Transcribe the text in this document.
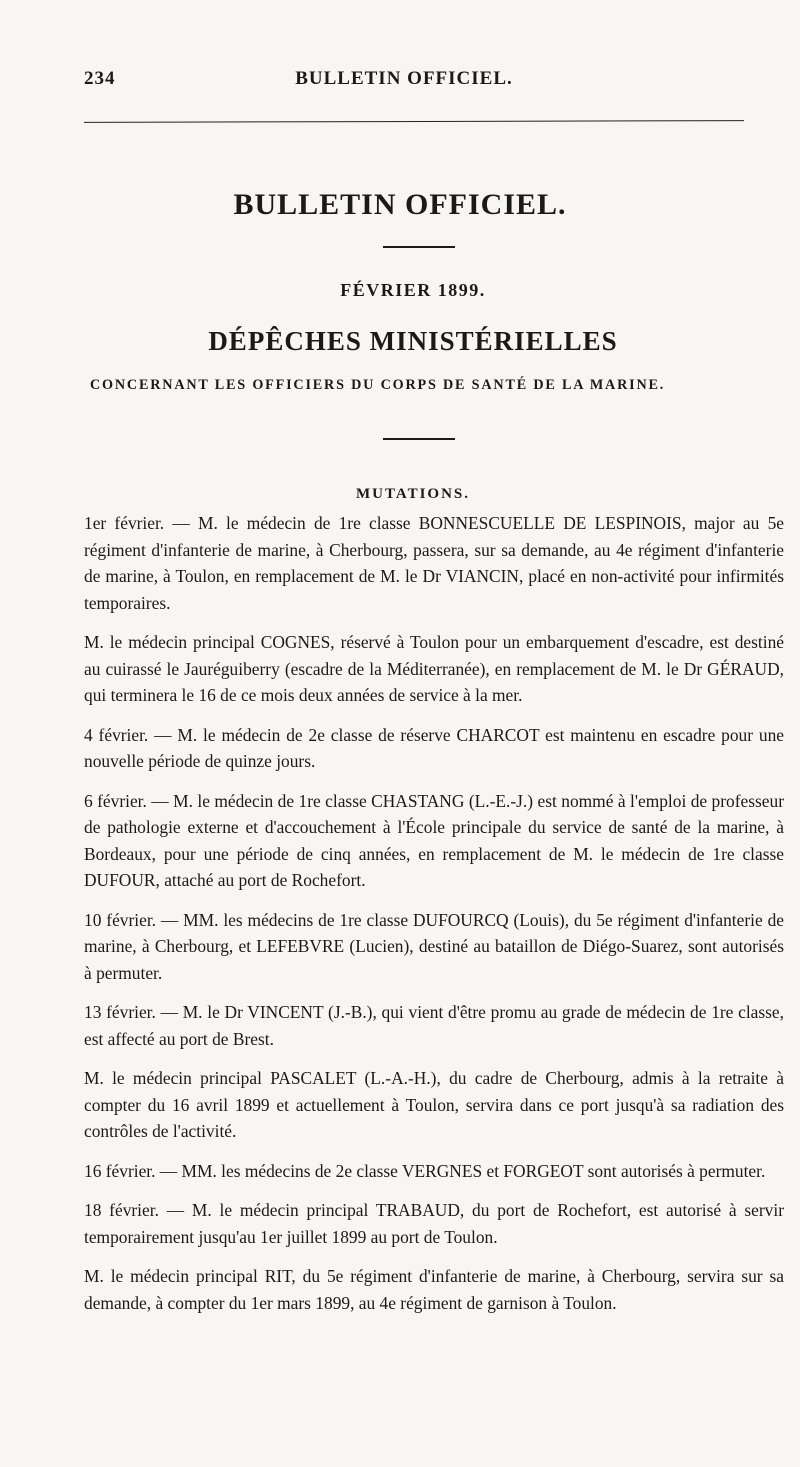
234	BULLETIN OFFICIEL.
BULLETIN OFFICIEL.
FÉVRIER 1899.
DÉPÊCHES MINISTÉRIELLES
CONCERNANT LES OFFICIERS DU CORPS DE SANTÉ DE LA MARINE.
MUTATIONS.

1er février. — M. le médecin de 1re classe BONNESCUELLE DE LESPINOIS, major au 5e régiment d'infanterie de marine, à Cherbourg, passera, sur sa demande, au 4e régiment d'infanterie de marine, à Toulon, en remplacement de M. le Dr VIANCIN, placé en non-activité pour infirmités temporaires.

M. le médecin principal COGNES, réservé à Toulon pour un embarquement d'escadre, est destiné au cuirassé le Jauréguiberry (escadre de la Méditerranée), en remplacement de M. le Dr GÉRAUD, qui terminera le 16 de ce mois deux années de service à la mer.

4 février. — M. le médecin de 2e classe de réserve CHARCOT est maintenu en escadre pour une nouvelle période de quinze jours.

6 février. — M. le médecin de 1re classe CHASTANG (L.-E.-J.) est nommé à l'emploi de professeur de pathologie externe et d'accouchement à l'École principale du service de santé de la marine, à Bordeaux, pour une période de cinq années, en remplacement de M. le médecin de 1re classe DUFOUR, attaché au port de Rochefort.

10 février. — MM. les médecins de 1re classe DUFOURCQ (Louis), du 5e régiment d'infanterie de marine, à Cherbourg, et LEFEBVRE (Lucien), destiné au bataillon de Diégo-Suarez, sont autorisés à permuter.

13 février. — M. le Dr VINCENT (J.-B.), qui vient d'être promu au grade de médecin de 1re classe, est affecté au port de Brest.

M. le médecin principal PASCALET (L.-A.-H.), du cadre de Cherbourg, admis à la retraite à compter du 16 avril 1899 et actuellement à Toulon, servira dans ce port jusqu'à sa radiation des contrôles de l'activité.

16 février. — MM. les médecins de 2e classe VERGNES et FORGEOT sont autorisés à permuter.

18 février. — M. le médecin principal TRABAUD, du port de Rochefort, est autorisé à servir temporairement jusqu'au 1er juillet 1899 au port de Toulon.

M. le médecin principal RIT, du 5e régiment d'infanterie de marine, à Cherbourg, servira sur sa demande, à compter du 1er mars 1899, au 4e régiment de garnison à Toulon.
